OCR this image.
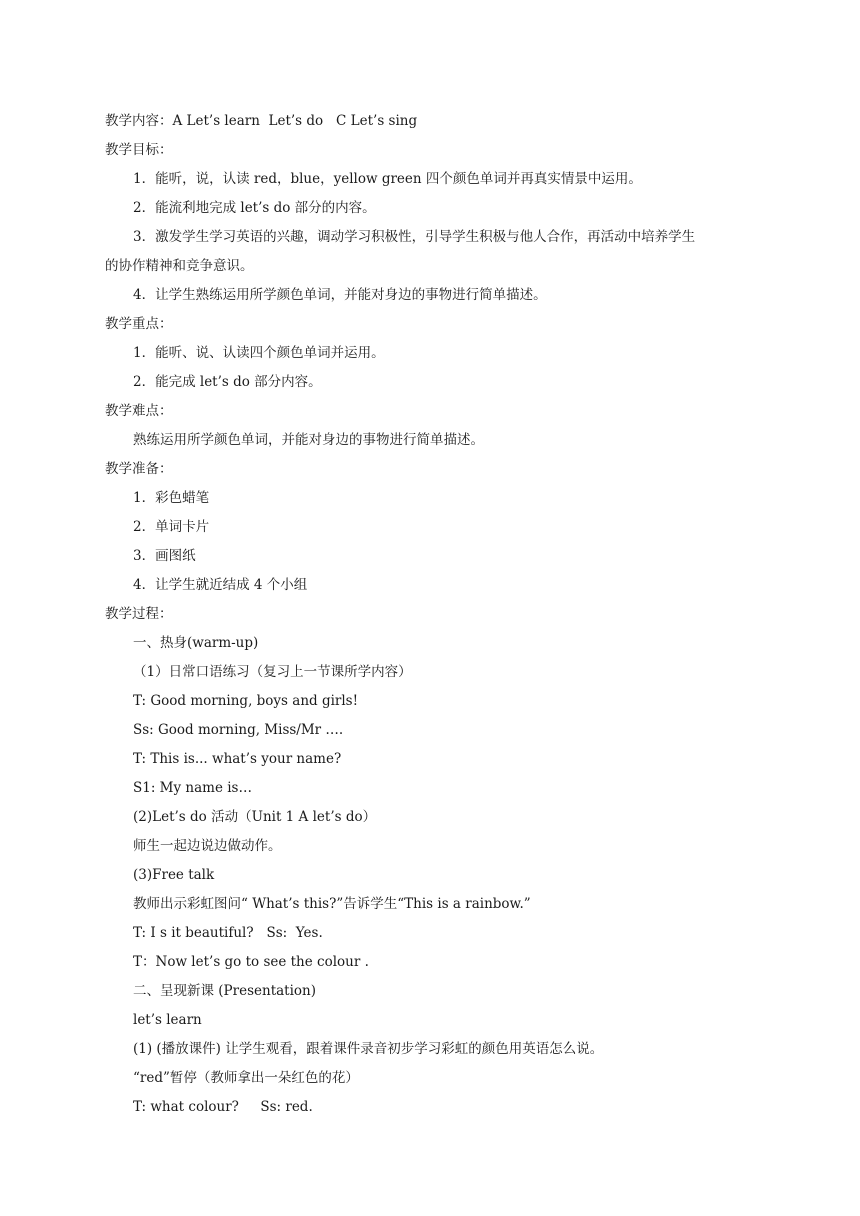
教学内容：A Let’s learn  Let’s do   C Let’s sing
教学目标：
1．能听，说，认读 red，blue，yellow green 四个颜色单词并再真实情景中运用。
2．能流利地完成 let’s do 部分的内容。
3．激发学生学习英语的兴趣，调动学习积极性，引导学生积极与他人合作，再活动中培养学生
的协作精神和竞争意识。
4．让学生熟练运用所学颜色单词，并能对身边的事物进行简单描述。
教学重点：
1．能听、说、认读四个颜色单词并运用。
2．能完成 let’s do 部分内容。
教学难点：
熟练运用所学颜色单词，并能对身边的事物进行简单描述。
教学准备：
1．彩色蜡笔
2．单词卡片
3．画图纸
4．让学生就近结成 4 个小组
教学过程：
一、热身(warm-up)
（1）日常口语练习（复习上一节课所学内容）
T: Good morning, boys and girls!
Ss: Good morning, Miss/Mr ….
T: This is... what’s your name?
S1: My name is…
(2)Let’s do 活动（Unit 1 A let’s do）
师生一起边说边做动作。
(3)Free talk
教师出示彩虹图问“ What’s this?”告诉学生“This is a rainbow.”
T: I s it beautiful?   Ss:  Yes.
T：Now let’s go to see the colour .
二、呈现新课 (Presentation)
let’s learn
(1) (播放课件) 让学生观看，跟着课件录音初步学习彩虹的颜色用英语怎么说。
“red”暂停（教师拿出一朵红色的花）
T: what colour?     Ss: red.
